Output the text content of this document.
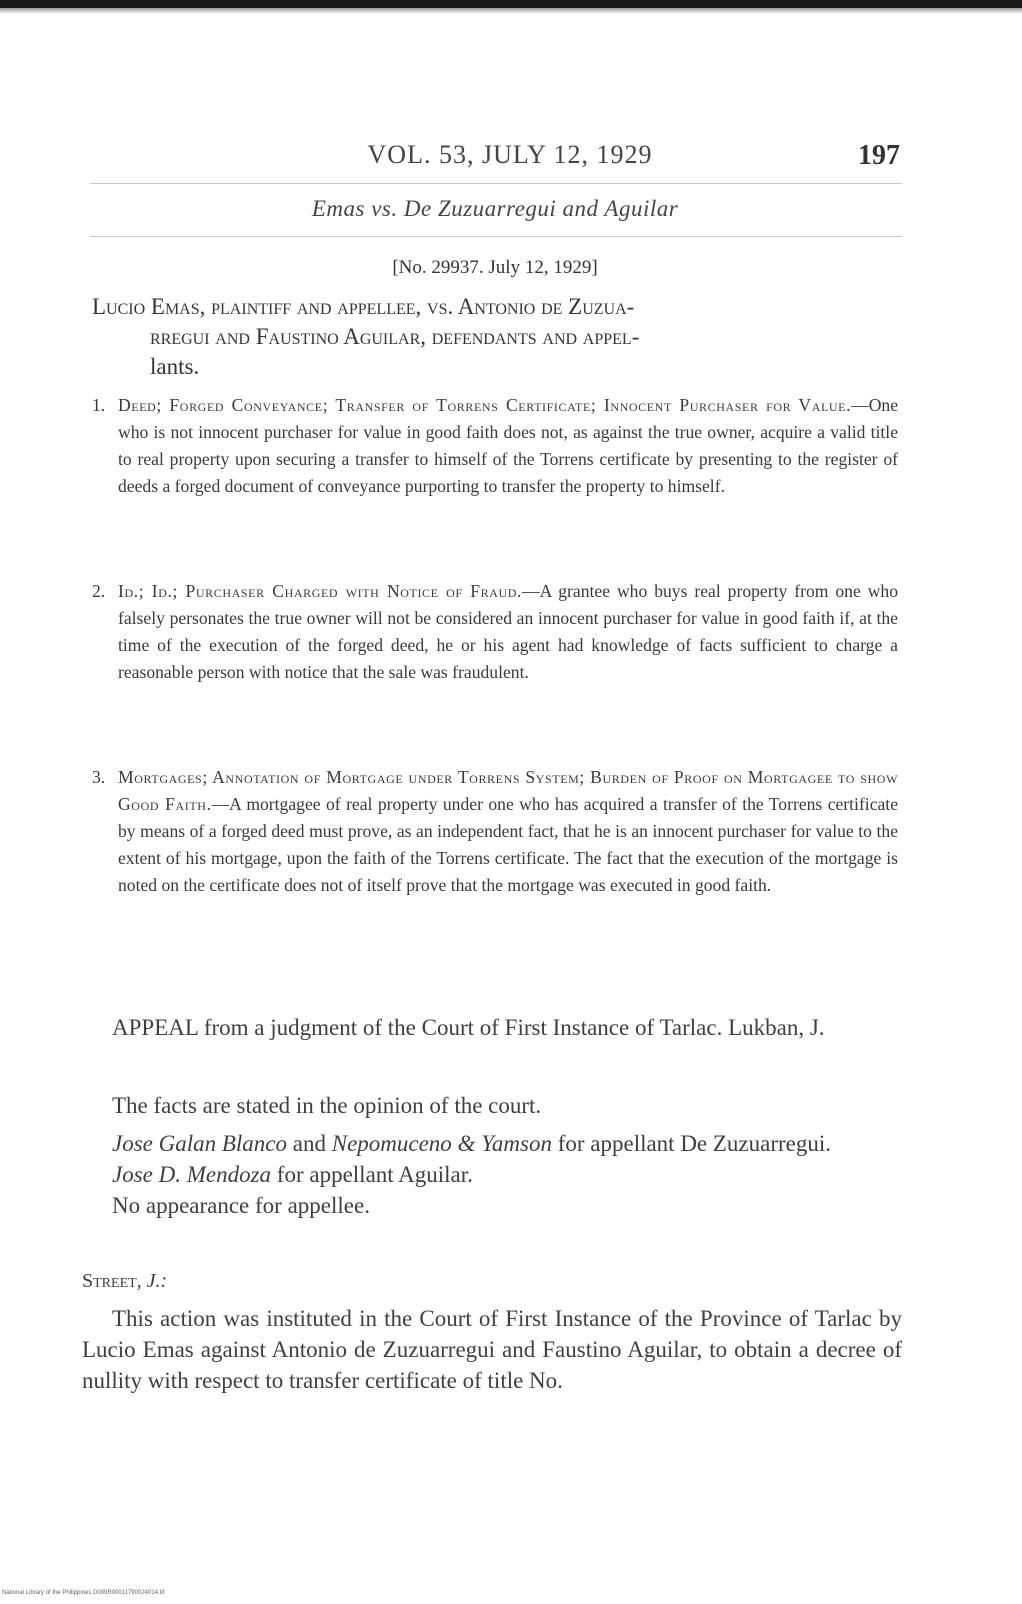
VOL. 53, JULY 12, 1929	197
Emas vs. De Zuzuarregui and Aguilar
[No. 29937. July 12, 1929]
Lucio Emas, plaintiff and appellee, vs. Antonio de Zuzua-
rregui and Faustino Aguilar, defendants and appel-
lants.
1. Deed; Forged Conveyance; Transfer of Torrens Certificate; Innocent Purchaser for Value.—One who is not innocent purchaser for value in good faith does not, as against the true owner, acquire a valid title to real property upon securing a transfer to himself of the Torrens certificate by presenting to the register of deeds a forged document of conveyance purporting to transfer the property to himself.
2. Id.; Id.; Purchaser Charged with Notice of Fraud.—A grantee who buys real property from one who falsely personates the true owner will not be considered an innocent purchaser for value in good faith if, at the time of the execution of the forged deed, he or his agent had knowledge of facts sufficient to charge a reasonable person with notice that the sale was fraudulent.
3. Mortgages; Annotation of Mortgage under Torrens System; Burden of Proof on Mortgagee to show Good Faith.—A mortgagee of real property under one who has acquired a transfer of the Torrens certificate by means of a forged deed must prove, as an independent fact, that he is an innocent purchaser for value to the extent of his mortgage, upon the faith of the Torrens certificate. The fact that the execution of the mortgage is noted on the certificate does not of itself prove that the mortgage was executed in good faith.

APPEAL from a judgment of the Court of First Instance of Tarlac. Lukban, J.

The facts are stated in the opinion of the court.

Jose Galan Blanco and Nepomuceno & Yamson for appellant De Zuzuarregui.

Jose D. Mendoza for appellant Aguilar.

No appearance for appellee.

Street, J.:

This action was instituted in the Court of First Instance of the Province of Tarlac by Lucio Emas against Antonio de Zuzuarregui and Faustino Aguilar, to obtain a decree of nullity with respect to transfer certificate of title No.

National Library of the Philippines D089R00011790024014.tif
